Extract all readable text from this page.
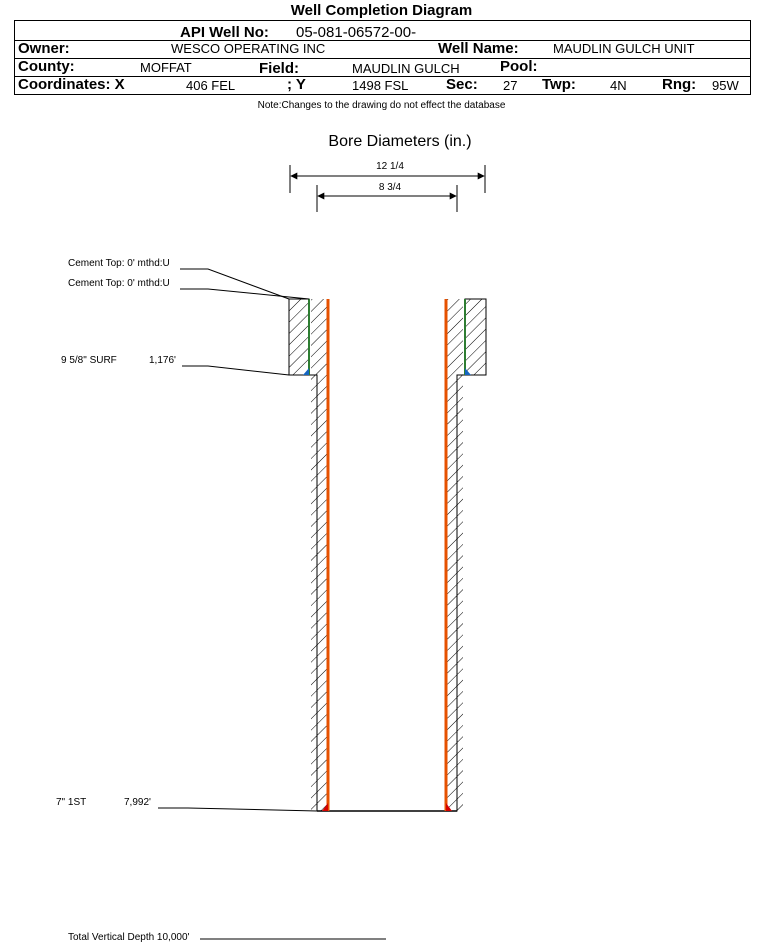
Well Completion Diagram
API Well No: 05-081-06572-00-
Owner:	WESCO OPERATING INC	Well Name:	MAUDLIN GULCH UNIT
County:	MOFFAT	Field:	MAUDLIN GULCH	Pool:
Coordinates: X	406 FEL	; Y	1498 FSL	Sec: 27 Twp:	4N Rng: 95W
Note:Changes to the drawing do not effect the database
Bore Diameters (in.)
12 1/4
8 3/4
Cement Top: 0' mthd:U
Cement Top: 0' mthd:U
9 5/8" SURF	1,176'
7" 1ST	7,992'
Total Vertical Depth 10,000'
